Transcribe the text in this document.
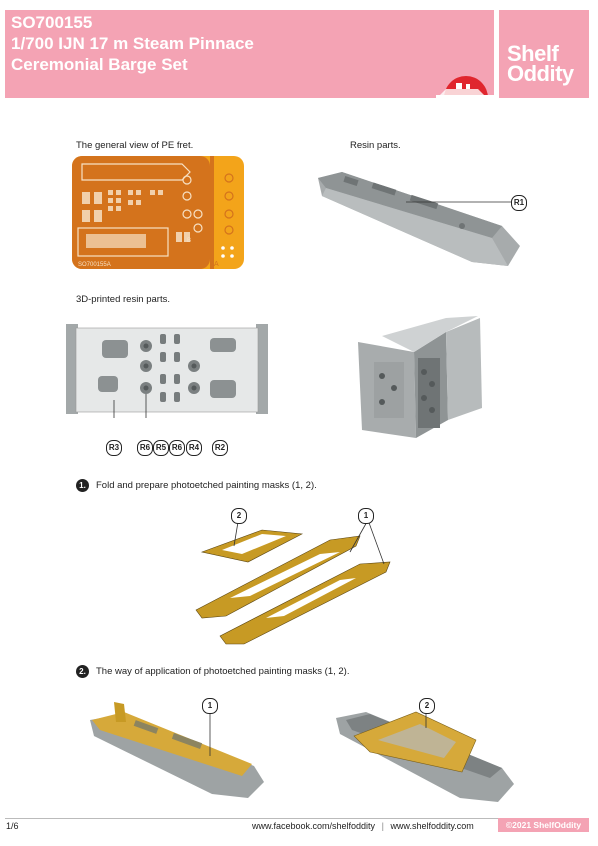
SO700155
1/700 IJN 17 m Steam Pinnace
Ceremonial Barge Set	Shelf
Oddity
The general view of PE fret.
A
B
SO700155A
Resin parts.
R1
3D-printed resin parts.
R3	R6 R5 R6 R4	R2
1.	Fold and prepare photoetched painting masks (1, 2).
2	1
2.	The way of application of photoetched painting masks (1, 2).
1	2
1/6	www.facebook.com/shelfoddity | www.shelfoddity.com	©2021 ShelfOddity
